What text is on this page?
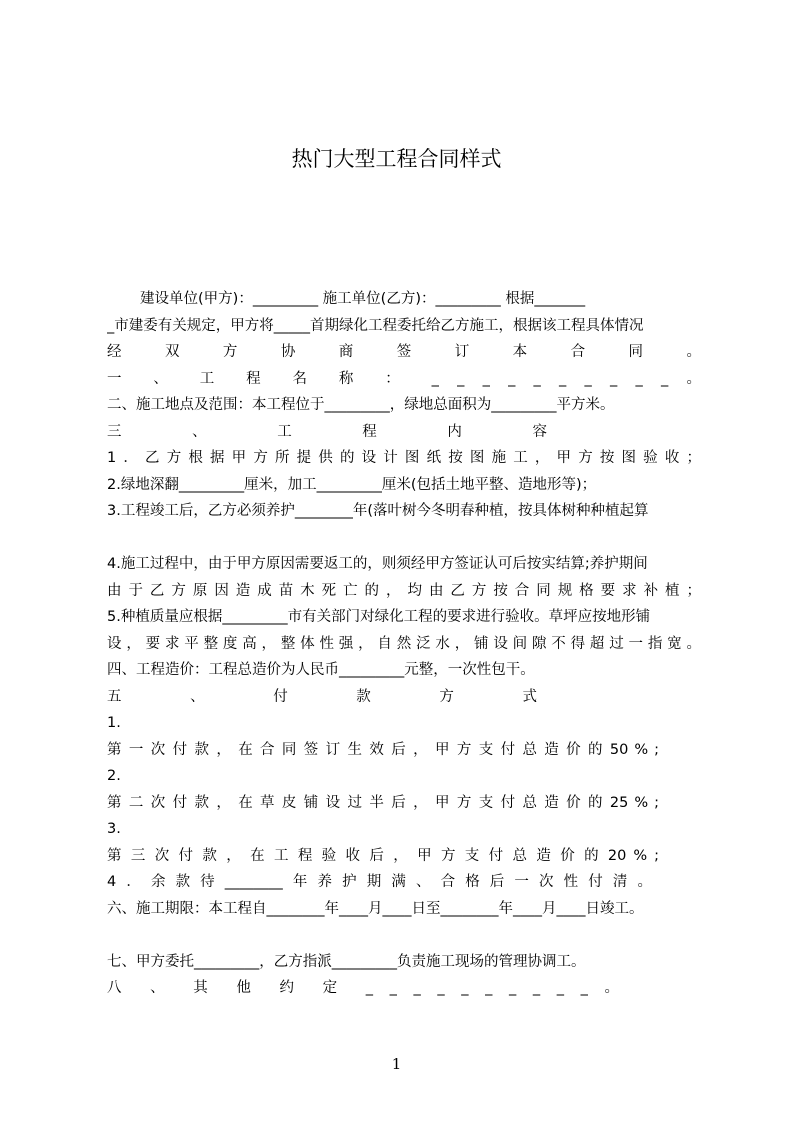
热门大型工程合同样式
建设单位(甲方)：_________ 施工单位(乙方)：_________ 根据_______
_市建委有关规定，甲方将_____首期绿化工程委托给乙方施工，根据该工程具体情况
经 双 方 协 商 签 订 本 合 同 。
一 、 工 程 名 称 ： _ _ _ _ _ _ _ _ _ _ 。
二、施工地点及范围：本工程位于_________，绿地总面积为_________平方米。
三 、 工 程 内 容
1．乙方根据甲方所提供的设计图纸按图施工，甲方按图验收；
2.绿地深翻_________厘米，加工_________厘米(包括土地平整、造地形等)；
3.工程竣工后，乙方必须养护________年(落叶树今冬明春种植，按具体树种种植起算
4.施工过程中，由于甲方原因需要返工的，则须经甲方签证认可后按实结算;养护期间
由于乙方原因造成苗木死亡的，均由乙方按合同规格要求补植；
5.种植质量应根据_________市有关部门对绿化工程的要求进行验收。草坪应按地形铺
设，要求平整度高，整体性强，自然泛水，铺设间隙不得超过一指宽。
四、工程造价：工程总造价为人民币_________元整，一次性包干。
五 、 付 款 方 式
1.
第 一 次 付 款 ， 在 合 同 签 订 生 效 后 ， 甲 方 支 付 总 造 价 的 50 % ;
2.
第 二 次 付 款 ， 在 草 皮 铺 设 过 半 后 ， 甲 方 支 付 总 造 价 的 25 % ;
3.
第 三 次 付 款 ， 在 工 程 验 收 后 ， 甲 方 支 付 总 造 价 的 20 % ;
4．余款待________年养护期满、合格后一次性付清。
六、施工期限：本工程自________年____月____日至________年____月____日竣工。
七、甲方委托_________，乙方指派_________负责施工现场的管理协调工。
八 、 其 他 约 定 _ _ _ _ _ _ _ _ _ _ 。
1
